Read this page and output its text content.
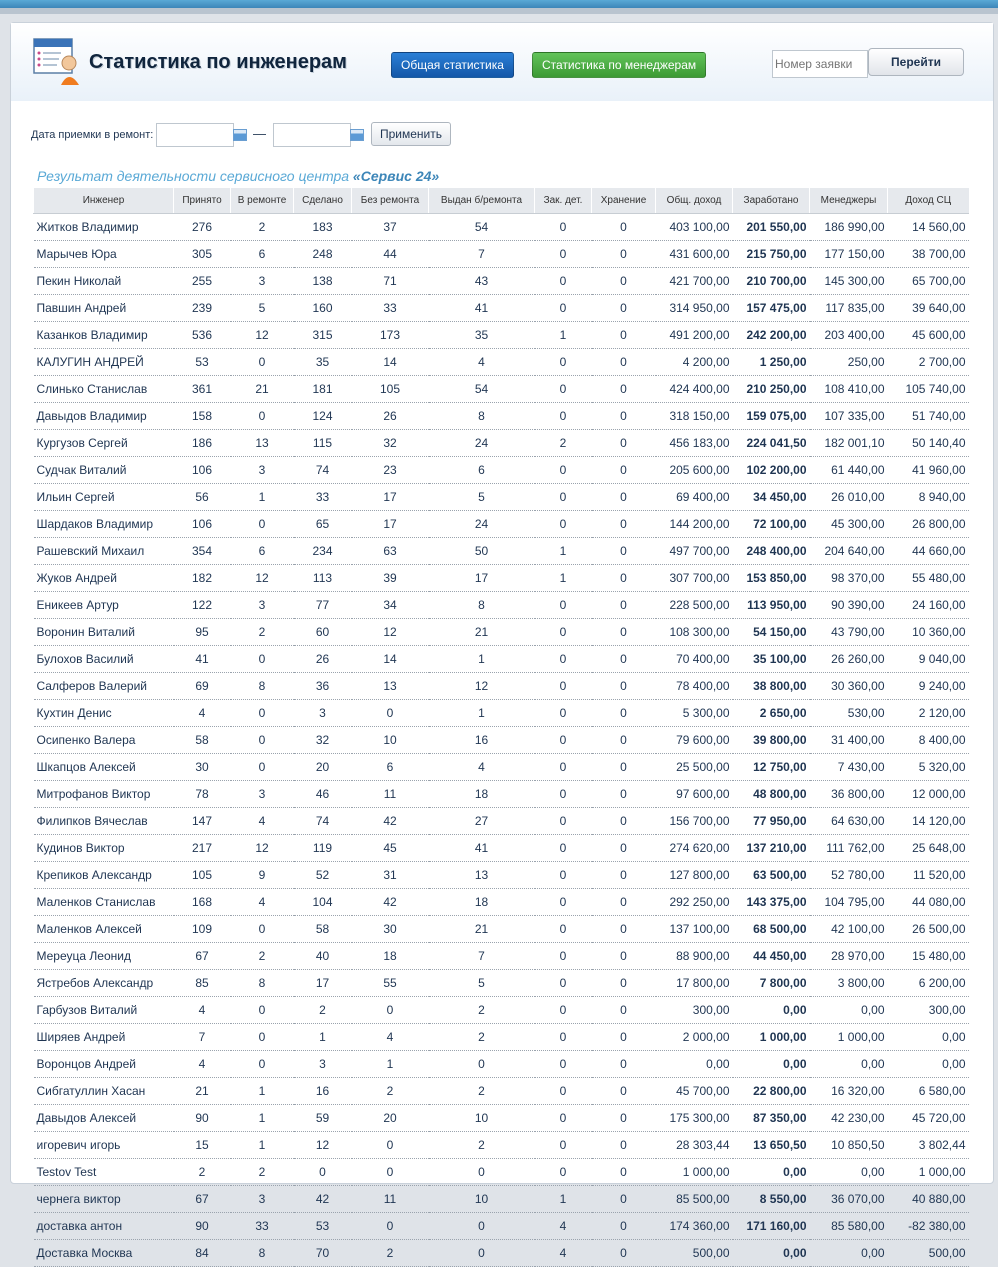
Статистика по инженерам	Общая статистика	Статистика по менеджерам
Номер заявки	Перейти
Дата приемки в ремонт:	—	Применить
Результат деятельности сервисного центра «Сервис 24»
Инженер	Принято	В ремонте	Сделано	Без ремонта	Выдан б/ремонта	Зак. дет.	Хранение	Общ. доход	Заработано	Менеджеры	Доход СЦ
Житков Владимир	276	2	183	37	54	0	0	403 100,00	201 550,00	186 990,00	14 560,00
Марычев Юра	305	6	248	44	7	0	0	431 600,00	215 750,00	177 150,00	38 700,00
Пекин Николай	255	3	138	71	43	0	0	421 700,00	210 700,00	145 300,00	65 700,00
Павшин Андрей	239	5	160	33	41	0	0	314 950,00	157 475,00	117 835,00	39 640,00
Казанков Владимир	536	12	315	173	35	1	0	491 200,00	242 200,00	203 400,00	45 600,00
КАЛУГИН АНДРЕЙ	53	0	35	14	4	0	0	4 200,00	1 250,00	250,00	2 700,00
Слинько Станислав	361	21	181	105	54	0	0	424 400,00	210 250,00	108 410,00	105 740,00
Давыдов Владимир	158	0	124	26	8	0	0	318 150,00	159 075,00	107 335,00	51 740,00
Кургузов Сергей	186	13	115	32	24	2	0	456 183,00	224 041,50	182 001,10	50 140,40
Судчак Виталий	106	3	74	23	6	0	0	205 600,00	102 200,00	61 440,00	41 960,00
Ильин Сергей	56	1	33	17	5	0	0	69 400,00	34 450,00	26 010,00	8 940,00
Шардаков Владимир	106	0	65	17	24	0	0	144 200,00	72 100,00	45 300,00	26 800,00
Рашевский Михаил	354	6	234	63	50	1	0	497 700,00	248 400,00	204 640,00	44 660,00
Жуков Андрей	182	12	113	39	17	1	0	307 700,00	153 850,00	98 370,00	55 480,00
Еникеев Артур	122	3	77	34	8	0	0	228 500,00	113 950,00	90 390,00	24 160,00
Воронин Виталий	95	2	60	12	21	0	0	108 300,00	54 150,00	43 790,00	10 360,00
Булохов Василий	41	0	26	14	1	0	0	70 400,00	35 100,00	26 260,00	9 040,00
Салферов Валерий	69	8	36	13	12	0	0	78 400,00	38 800,00	30 360,00	9 240,00
Кухтин Денис	4	0	3	0	1	0	0	5 300,00	2 650,00	530,00	2 120,00
Осипенко Валера	58	0	32	10	16	0	0	79 600,00	39 800,00	31 400,00	8 400,00
Шкапцов Алексей	30	0	20	6	4	0	0	25 500,00	12 750,00	7 430,00	5 320,00
Митрофанов Виктор	78	3	46	11	18	0	0	97 600,00	48 800,00	36 800,00	12 000,00
Филипков Вячеслав	147	4	74	42	27	0	0	156 700,00	77 950,00	64 630,00	14 120,00
Кудинов Виктор	217	12	119	45	41	0	0	274 620,00	137 210,00	111 762,00	25 648,00
Крепиков Александр	105	9	52	31	13	0	0	127 800,00	63 500,00	52 780,00	11 520,00
Маленков Станислав	168	4	104	42	18	0	0	292 250,00	143 375,00	104 795,00	44 080,00
Маленков Алексей	109	0	58	30	21	0	0	137 100,00	68 500,00	42 100,00	26 500,00
Мереуца Леонид	67	2	40	18	7	0	0	88 900,00	44 450,00	28 970,00	15 480,00
Ястребов Александр	85	8	17	55	5	0	0	17 800,00	7 800,00	3 800,00	6 200,00
Гарбузов Виталий	4	0	2	0	2	0	0	300,00	0,00	0,00	300,00
Ширяев Андрей	7	0	1	4	2	0	0	2 000,00	1 000,00	1 000,00	0,00
Воронцов Андрей	4	0	3	1	0	0	0	0,00	0,00	0,00	0,00
Сибгатуллин Хасан	21	1	16	2	2	0	0	45 700,00	22 800,00	16 320,00	6 580,00
Давыдов Алексей	90	1	59	20	10	0	0	175 300,00	87 350,00	42 230,00	45 720,00
игоревич игорь	15	1	12	0	2	0	0	28 303,44	13 650,50	10 850,50	3 802,44
Testov Test	2	2	0	0	0	0	0	1 000,00	0,00	0,00	1 000,00
чернега виктор	67	3	42	11	10	1	0	85 500,00	8 550,00	36 070,00	40 880,00
доставка антон	90	33	53	0	0	4	0	174 360,00	171 160,00	85 580,00	-82 380,00
Доставка Москва	84	8	70	2	0	4	0	500,00	0,00	0,00	500,00
